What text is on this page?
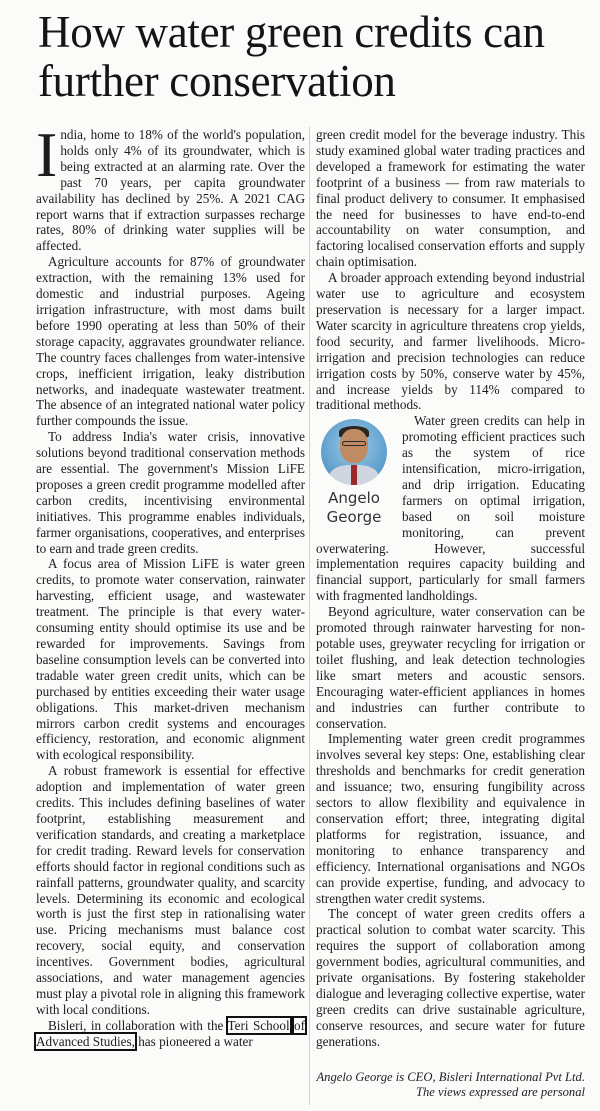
How water green credits can further conservation

India, home to 18% of the world's population, holds only 4% of its groundwater, which is being extracted at an alarming rate. Over the past 70 years, per capita groundwater availability has declined by 25%. A 2021 CAG report warns that if extraction surpasses recharge rates, 80% of drinking water supplies will be affected.

Agriculture accounts for 87% of groundwater extraction, with the remaining 13% used for domestic and industrial purposes. Ageing irrigation infrastructure, with most dams built before 1990 operating at less than 50% of their storage capacity, aggravates groundwater reliance. The country faces challenges from water-intensive crops, inefficient irrigation, leaky distribution networks, and inadequate wastewater treatment. The absence of an integrated national water policy further compounds the issue.

To address India's water crisis, innovative solutions beyond traditional conservation methods are essential. The government's Mission LiFE proposes a green credit programme modelled after carbon credits, incentivising environmental initiatives. This programme enables individuals, farmer organisations, cooperatives, and enterprises to earn and trade green credits.

A focus area of Mission LiFE is water green credits, to promote water conservation, rainwater harvesting, efficient usage, and wastewater treatment. The principle is that every water-consuming entity should optimise its use and be rewarded for improvements. Savings from baseline consumption levels can be converted into tradable water green credit units, which can be purchased by entities exceeding their water usage obligations. This market-driven mechanism mirrors carbon credit systems and encourages efficiency, restoration, and economic alignment with ecological responsibility.

A robust framework is essential for effective adoption and implementation of water green credits. This includes defining baselines of water footprint, establishing measurement and verification standards, and creating a marketplace for credit trading. Reward levels for conservation efforts should factor in regional conditions such as rainfall patterns, groundwater quality, and scarcity levels. Determining its economic and ecological worth is just the first step in rationalising water use. Pricing mechanisms must balance cost recovery, social equity, and conservation incentives. Government bodies, agricultural associations, and water management agencies must play a pivotal role in aligning this framework with local conditions.

Bisleri, in collaboration with the Teri School of Advanced Studies, has pioneered a water

green credit model for the beverage industry. This study examined global water trading practices and developed a framework for estimating the water footprint of a business — from raw materials to final product delivery to consumer. It emphasised the need for businesses to have end-to-end accountability on water consumption, and factoring localised conservation efforts and supply chain optimisation.

A broader approach extending beyond industrial water use to agriculture and ecosystem preservation is necessary for a larger impact. Water scarcity in agriculture threatens crop yields, food security, and farmer livelihoods. Micro-irrigation and precision technologies can reduce irrigation costs by 50%, conserve water by 45%, and increase yields by 114% compared to traditional methods.

Angelo
George
Water green credits can help in promoting efficient practices such as the system of rice intensification, micro-irrigation, and drip irrigation. Educating farmers on optimal irrigation, based on soil moisture monitoring, can prevent overwatering. However, successful implementation requires capacity building and financial support, particularly for small farmers with fragmented landholdings.

Beyond agriculture, water conservation can be promoted through rainwater harvesting for non-potable uses, greywater recycling for irrigation or toilet flushing, and leak detection technologies like smart meters and acoustic sensors. Encouraging water-efficient appliances in homes and industries can further contribute to conservation.

Implementing water green credit programmes involves several key steps: One, establishing clear thresholds and benchmarks for credit generation and issuance; two, ensuring fungibility across sectors to allow flexibility and equivalence in conservation effort; three, integrating digital platforms for registration, issuance, and monitoring to enhance transparency and efficiency. International organisations and NGOs can provide expertise, funding, and advocacy to strengthen water credit systems.

The concept of water green credits offers a practical solution to combat water scarcity. This requires the support of collaboration among government bodies, agricultural communities, and private organisations. By fostering stakeholder dialogue and leveraging collective expertise, water green credits can drive sustainable agriculture, conserve resources, and secure water for future generations.

Angelo George is CEO, Bisleri International Pvt Ltd. The views expressed are personal
